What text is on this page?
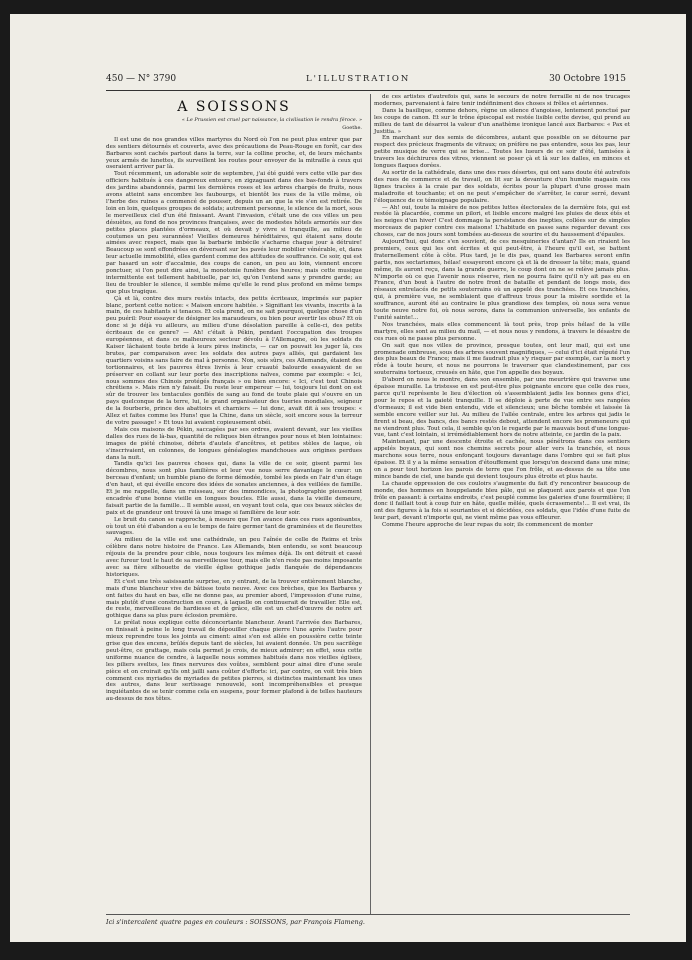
450 — N° 3790	L'ILLUSTRATION	30 Octobre 1915
A SOISSONS
« Le Prussien est cruel par naissance, la civilisation le rendra féroce. »
Goethe.

Il est une de nos grandes villes martyres du Nord où l'on ne peut plus entrer que par des sentiers détournés et couverts, avec des précautions de Peau-Rouge en forêt, car des Barbares sont cachés partout dans la terre, sur la colline proche, et, de leurs méchants yeux armés de lunettes, ils surveillent les routes pour envoyer de la mitraille à ceux qui oseraient arriver par là.

Tout récemment, un adorable soir de septembre, j'ai été guidé vers cette ville par des officiers habitués à ces dangereux entours; en zigzaguant dans des bas-fonds à travers des jardins abandonnés, parmi les dernières roses et les arbres chargés de fruits, nous avons atteint sans encombre les faubourgs, et bientôt les rues de la ville même, où l'herbe des ruines a commencé de pousser, depuis un an que la vie s'en est retirée. De loin en loin, quelques groupes de soldats; autrement personne, le silence de la mort, sous le merveilleux ciel d'un été finissant. Avant l'invasion, c'était une de ces villes un peu désuètes, au fond de nos provinces françaises, avec de modestes hôtels armoriés sur des petites places plantées d'ormeaux, et où devait y vivre si tranquille, au milieu de coutumes un peu surannées! Vieilles demeures héréditaires, qui étaient sans doute aimées avec respect, mais que la barbarie imbécile s'acharne chaque jour à détruire! Beaucoup se sont effondrées en déversant sur les pavés leur mobilier vénérable, et, dans leur actuelle immobilité, elles gardent comme des attitudes de souffrance. Ce soir, qui est par hasard un soir d'accalmie, des coups de canon, un peu au loin, viennent encore ponctuer, si l'on peut dire ainsi, la monotonie funèbre des heures; mais cette musique intermittente est tellement habituelle, par ici, qu'on l'entend sans y prendre garde; au lieu de troubler le silence, il semble même qu'elle le rend plus profond en même temps que plus tragique.

Çà et là, contre des murs restés intacts, des petits écriteaux, imprimés sur papier blanc, portent cette notice: « Maison encore habitée. » Signifiant les vivants, inscrits à la main, de ces habitants si tenaces. Et cela prend, on ne sait pourquoi, quelque chose d'un peu puéril: Pour essayer de désigner les maraudeurs, ou bien pour avertir les obus? Et où donc si je déjà vu ailleurs, au milieu d'une désolation pareille à celle-ci, des petits écriteaux de ce genre? — Ah! c'était à Pékin, pendant l'occupation des troupes européennes, et dans ce malheureux secteur dévolu à l'Allemagne, où les soldats du Kaiser lâchaient toute bride à leurs pires instincts, — car on pouvait les juger là, ces brutes, par comparaison avec les soldats des autres pays alliés, qui gardaient les quartiers voisins sans faire de mal à personne. Non, sois sûrs, ces Allemands, étaient des tortionnaires, et les pauvres êtres livrés à leur cruauté balourde essayaient de se préserver en collant sur leur porte des inscriptions naïves, comme par exemple: « Ici, nous sommes des Chinois protégés français » ou bien encore: « Ici, c'est tout Chinois chrétiens ». Mais rien n'y faisait. Du reste leur empereur — lui, toujours lui dont on est sûr de trouver les tentacules gonflés de sang au fond de toute plaie qui s'ouvre en un pays quelconque de la terre, lui, le grand organisateur des tueries mondiales, seigneur de la fourberie, prince des abattoirs et charniers — lui donc, avait dit à ses troupes: « Allez et faites comme les Huns! que la Chine, dans un siècle, soit encore sous la terreur de votre passage! » Et tous lui avaient copieusement obéi.

Mais ces maisons de Pékin, saccagées par ses ordres, avaient devant, sur les vieilles dalles des rues de là-bas, quantité de reliques bien étranges pour nous et bien lointaines: images de piété chinoise, débris d'autels d'ancêtres, et petites stèles de laque, où s'inscrivaient, en colonnes, de longues généalogies mandchoues aux origines perdues dans la nuit.

Tandis qu'ici les pauvres choses qui, dans la ville de ce soir, gisent parmi les décombres, nous sont plus familières et leur vue nous serre davantage le cœur: un berceau d'enfant; un humble piano de forme démodée, tombé les pieds en l'air d'un étage d'en haut, et qui éveille encore des idées de sonates anciennes, à des veillées de famille. Et je me rappelle, dans un ruisseau, sur des immondices, la photographie pieusement encadrée d'une bonne vieille en longues boucles. Elle aussi, dans la vieille demeure, faisait partie de la famille... Il semble aussi, en voyant tout cela, que ces beaux siècles de paix et de grandeur ont trouvé là une image si familière de leur soir.

Le bruit du canon se rapproche, à mesure que l'on avance dans ces rues agonisantes, où tout un été d'abandon a eu le temps de faire germer tant de graminées et de fleurettes sauvages.

Au milieu de la ville est une cathédrale, un peu l'aînée de celle de Reims et très célèbre dans notre histoire de France. Les Allemands, bien entendu, se sont beaucoup réjouis de la prendre pour cible, nous toujours les mêmes déjà. Ils ont détruit et cassé avec fureur tout le haut de sa merveilleuse tour, mais elle n'en reste pas moins imposante avec sa fière silhouette de vieille église gothique jadis flanquée de dépendances historiques.

Et c'est une très saisissante surprise, en y entrant, de la trouver entièrement blanche, mais d'une blancheur vive de bâtisse toute neuve. Avec ces brèches, que les Barbares y ont faites du haut en bas, elle ne donne pas, au premier abord, l'impression d'une ruine, mais plutôt d'une construction en cours, à laquelle on continuerait de travailler. Elle est, de reste, merveilleuse de hardiesse et de grâce, elle est un chef-d'œuvre de notre art gothique dans sa plus pure éclosion première.

Le prélat nous explique cette déconcertante blancheur. Avant l'arrivée des Barbares, on finissait à peine le long travail de dépouiller chaque pierre l'une après l'autre pour mieux reprendre tous les joints au ciment: ainsi s'en est allée en poussière cette teinte grise que des encens, brûlés depuis tant de siècles, lui avaient donnée. Un peu sacrilège peut-être, ce grattage, mais cela permet je crois, de mieux admirer; en effet, sous cette uniforme nuance de cendre, à laquelle nous sommes habitués dans nos vieilles églises, les piliers sveltes, les fines nervures des voûtes, semblent pour ainsi dire d'une seule pièce et on croirait qu'ils ont jailli sans coûter d'efforts: ici, par contre, on voit très bien comment ces myriades de myriades de petites pierres, si distinctes maintenant les unes des autres, dans leur sertissage renouvelé, sont incompréhensibles et presque inquiétantes de se tenir comme cela en suspens, pour former plafond à de telles hauteurs au-dessus de nos têtes.

de ces artistes d'autrefois qui, sans le secours de notre ferraille ni de nos trucages modernes, parvenaient à faire tenir indéfiniment des choses si frêles et aériennes.

Dans la basilique, comme dehors, règne un silence d'angoisse, lentement ponctué par les coups de canon. Et sur le trône épiscopal est restée lisible cette devise, qui prend au milieu de tant de désarroi la valeur d'un anathème ironique lancé aux Barbares: « Pax et Justitia. »

En marchant sur des semis de décombres, autant que possible on se détourne par respect des précieux fragments de vitraux; on préfère ne pas entendre, sous les pas, leur petite musique de verre qui se brise... Toutes les lueurs de ce soir d'été, tamisées à travers les déchirures des vitres, viennent se poser çà et là sur les dalles, en minces et longues flaques dorées.

Au sortir de la cathédrale, dans une des rues désertes, qui ont sans doute été autrefois des rues de commerce et de travail, on lit sur la devanture d'un humble magasin ces lignes tracées à la craie par des soldats, écrites pour la plupart d'une grosse main maladroite et touchante; et on ne peut s'empêcher de s'arrêter, le cœur serré, devant l'éloquence de ce témoignage populaire.

— Ah! oui, toute la misère de nos petites luttes électorales de la dernière fois, qui est restée là placardée, comme un pilori, et lisible encore malgré les pluies de deux étés et les neiges d'un hiver! C'est dommage la persistance des inepties, collées sur de simples morceaux de papier contre ces maisons! L'habitude en passe sans regarder devant ces choses, car de nos jours sont tombées au-dessus de sourire et du haussement d'épaules.

Aujourd'hui, qui donc s'en souvient, de ces mesquineries d'antan? Ils en riraient les premiers, ceux qui les ont écrites et qui peut-être, à l'heure qu'il est, se battent fraternellement côte à côte. Plus tard, je le dis pas, quand les Barbares seront enfin partis, nos sectarismes, hélas! essayeront encore çà et là de dresser la tête; mais, quand même, ils auront reçu, dans la grande guerre, le coup dont on ne se relève jamais plus. N'importe où ce que l'avenir nous réserve, rien ne pourra faire qu'il n'y ait pas eu en France, d'un bout à l'autre de notre front de bataille et pendant de longs mois, des réseaux entrelacés de petits souterrains où un appelé des tranchées. Et ces tranchées, qui, à première vue, ne semblaient que d'affreux trous pour la misère sordide et la souffrance, auront été au contraire le plus grandiose des temples, où nous sera venue toute neuve notre foi, où nous serons, dans la communion universelle, les enfants de l'unité sainte!...

Nos tranchées, mais elles commencent là tout près, trop près hélas! de la ville martyre, elles sont au milieu du mail, — et nous nous y rendons, à travers le désastre de ces rues où ne passe plus personne.

On sait que nos villes de province, presque toutes, ont leur mail, qui est une promenade ombreuse, sous des arbres souvent magnifiques, — celui d'ici était réputé l'un des plus beaux de France; mais il me faudrait plus s'y risquer par exemple, car la mort y rôde à toute heure, et nous ne pourrons le traverser que clandestinement, par ces souterrains tortueux, creusés en hâte, que l'on appelle des boyaux.

D'abord on nous le montre, dans son ensemble, par une meurtrière qui traverse une épaisse muraille. La tristesse en est peut-être plus poignante encore que celle des rues, parce qu'il représente le lieu d'élection où s'assemblaient jadis les bonnes gens d'ici, pour le repos et la gaieté tranquille. Il se déploie à perte de vue entre ses rangées d'ormeaux; il est vide bien entendu, vide et silencieux; une bêche tombée et laissée là semble encore veiller sur lui. Au milieu de l'allée centrale, entre les arbres qui jadis le firent si beau, des bancs, des bancs restés debout, attendent encore les promeneurs qui ne viendront plus. Tout cela, il semble qu'on le regarde par le mauvais bout d'une longue-vue, tant c'est lointain, si irrémédiablement hors de notre atteinte, ce jardin de la paix.

Maintenant, par une descente étroite et cachée, nous pénétrons dans ces sentiers appelés boyaux, qui sont nos chemins secrets pour aller vers la tranchée, et nous marchons sous terre, nous enfonçant toujours davantage dans l'ombre qui se fait plus épaisse. Et il y a la même sensation d'étouffement que lorsqu'on descend dans une mine; on a pour tout horizon les parois de terre que l'on frôle, et au-dessus de sa tête une mince bande de ciel, une bande qui devient toujours plus étroite et plus haute.

La chaude oppression de ces couloirs s'augmente du fait d'y rencontrer beaucoup de monde, des hommes en houppelande bleu pâle, qui se plaquent aux parois et que l'on frôle en passant: à certains endroits, c'est peuplé comme les galeries d'une fourmilière; il donc il faillait tout à coup fuir en hâte, quelle mêlée, quels écrasements!... Il est vrai, ils ont des figures à la fois si souriantes et si décidées, ces soldats, que l'idée d'une fuite de leur part, devant n'importe qui, ne vient même pas vous effleurer.

Comme l'heure approche de leur repas du soir, ils commencent de monter

Ici s'intercalent quatre pages en couleurs : SOISSONS, par François Flameng.
